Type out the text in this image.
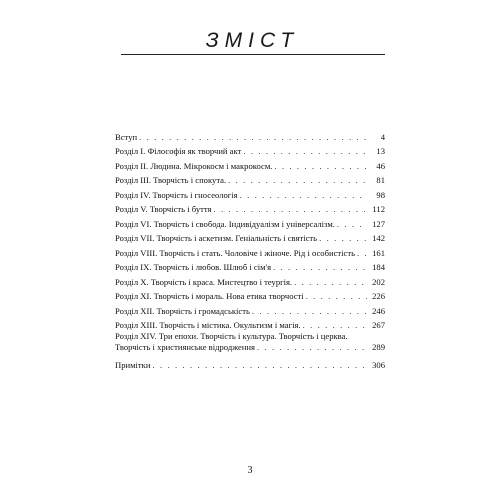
ЗМІСТ
Вступ . . .	4
Розділ І. Філософія як творчий акт . . .	13
Розділ ІІ. Людина. Мікрокосм і макрокосм. . . .	46
Розділ ІІІ. Творчість і спокута. . . .	81
Розділ IV. Творчість і гносеологія . . .	98
Розділ V. Творчість і буття . . .	112
Розділ VI. Творчість і свобода. Індивідуалізм і універсалізм. . . .	127
Розділ VII. Творчість і аскетизм. Геніальність і святість . . .	142
Розділ VIII. Творчість і стать. Чоловіче і жіноче. Рід і особистість . . .	161
Розділ IX. Творчість і любов. Шлюб і сім'я . . .	184
Розділ X. Творчість і краса. Мистецтво і теургія. . . .	202
Розділ XI. Творчість і мораль. Нова етика творчості . . .	226
Розділ XII. Творчість і громадськість . . .	246
Розділ XIII. Творчість і містика. Окультизм і магія. . . .	267
Розділ XIV. Три епохи. Творчість і культура. Творчість і церква.
Творчість і християнське відродження . . .	289
Примітки . . .	306
3
